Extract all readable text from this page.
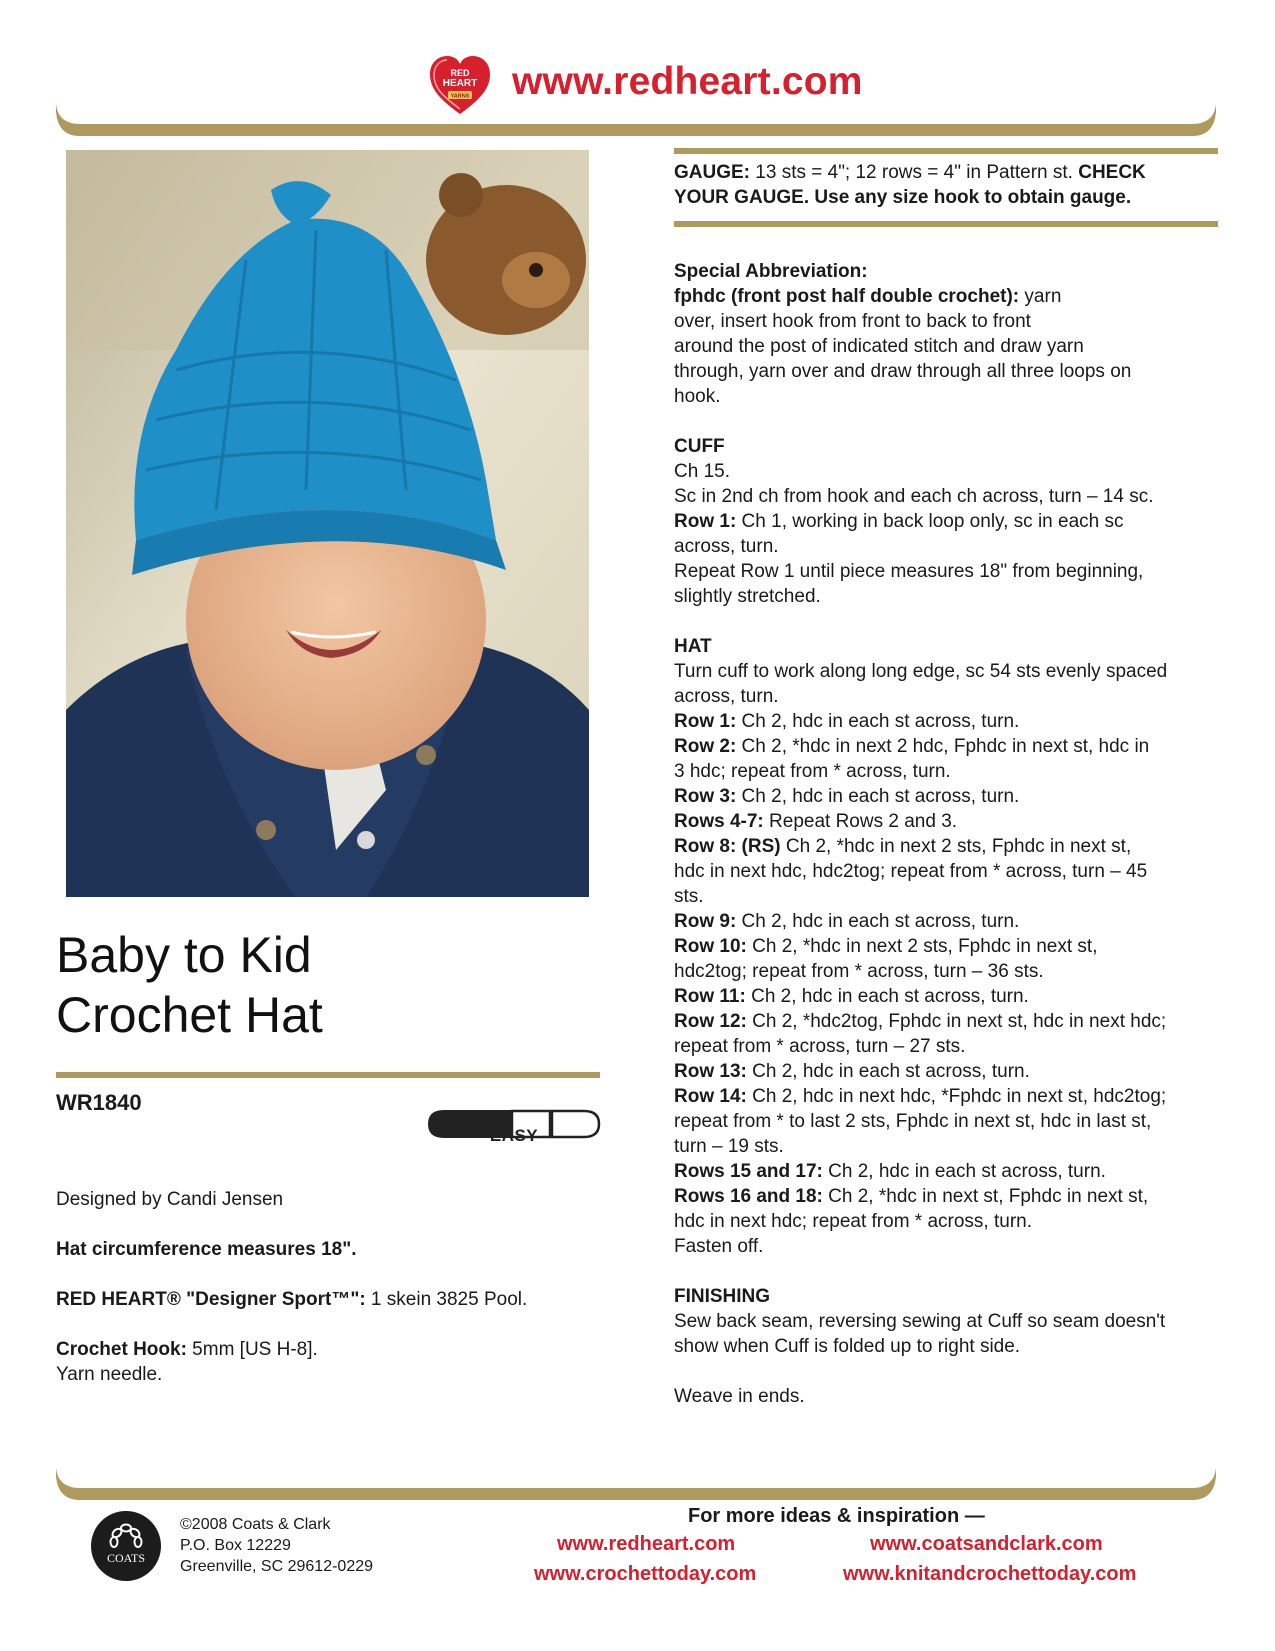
RED
HEART
YARNS www.redheart.com
Baby to Kid
Crochet Hat
WR1840
EASY
Designed by Candi Jensen
Hat circumference measures 18".
RED HEART® "Designer Sport™": 1 skein 3825 Pool.
Crochet Hook: 5mm [US H-8].
Yarn needle.

GAUGE: 13 sts = 4"; 12 rows = 4" in Pattern st. CHECK

YOUR GAUGE. Use any size hook to obtain gauge.

Special Abbreviation:

fphdc (front post half double crochet): yarn

over, insert hook from front to back to front

around the post of indicated stitch and draw yarn

through, yarn over and draw through all three loops on

hook.

CUFF

Ch 15.

Sc in 2nd ch from hook and each ch across, turn – 14 sc.

Row 1: Ch 1, working in back loop only, sc in each sc

across, turn.

Repeat Row 1 until piece measures 18" from beginning,

slightly stretched.

HAT

Turn cuff to work along long edge, sc 54 sts evenly spaced

across, turn.

Row 1: Ch 2, hdc in each st across, turn.

Row 2: Ch 2, *hdc in next 2 hdc, Fphdc in next st, hdc in

3 hdc; repeat from * across, turn.

Row 3: Ch 2, hdc in each st across, turn.

Rows 4-7: Repeat Rows 2 and 3.

Row 8: (RS) Ch 2, *hdc in next 2 sts, Fphdc in next st,

hdc in next hdc, hdc2tog; repeat from * across, turn – 45

sts.

Row 9: Ch 2, hdc in each st across, turn.

Row 10: Ch 2, *hdc in next 2 sts, Fphdc in next st,

hdc2tog; repeat from * across, turn – 36 sts.

Row 11: Ch 2, hdc in each st across, turn.

Row 12: Ch 2, *hdc2tog, Fphdc in next st, hdc in next hdc;

repeat from * across, turn – 27 sts.

Row 13: Ch 2, hdc in each st across, turn.

Row 14: Ch 2, hdc in next hdc, *Fphdc in next st, hdc2tog;

repeat from * to last 2 sts, Fphdc in next st, hdc in last st,

turn – 19 sts.

Rows 15 and 17: Ch 2, hdc in each st across, turn.

Rows 16 and 18: Ch 2, *hdc in next st, Fphdc in next st,

hdc in next hdc; repeat from * across, turn.

Fasten off.

FINISHING

Sew back seam, reversing sewing at Cuff so seam doesn't

show when Cuff is folded up to right side.

Weave in ends.

COATS
©2008 Coats & Clark
P.O. Box 12229
Greenville, SC 29612-0229
For more ideas & inspiration —
www.redheart.com	www.coatsandclark.com
www.crochettoday.com	www.knitandcrochettoday.com
